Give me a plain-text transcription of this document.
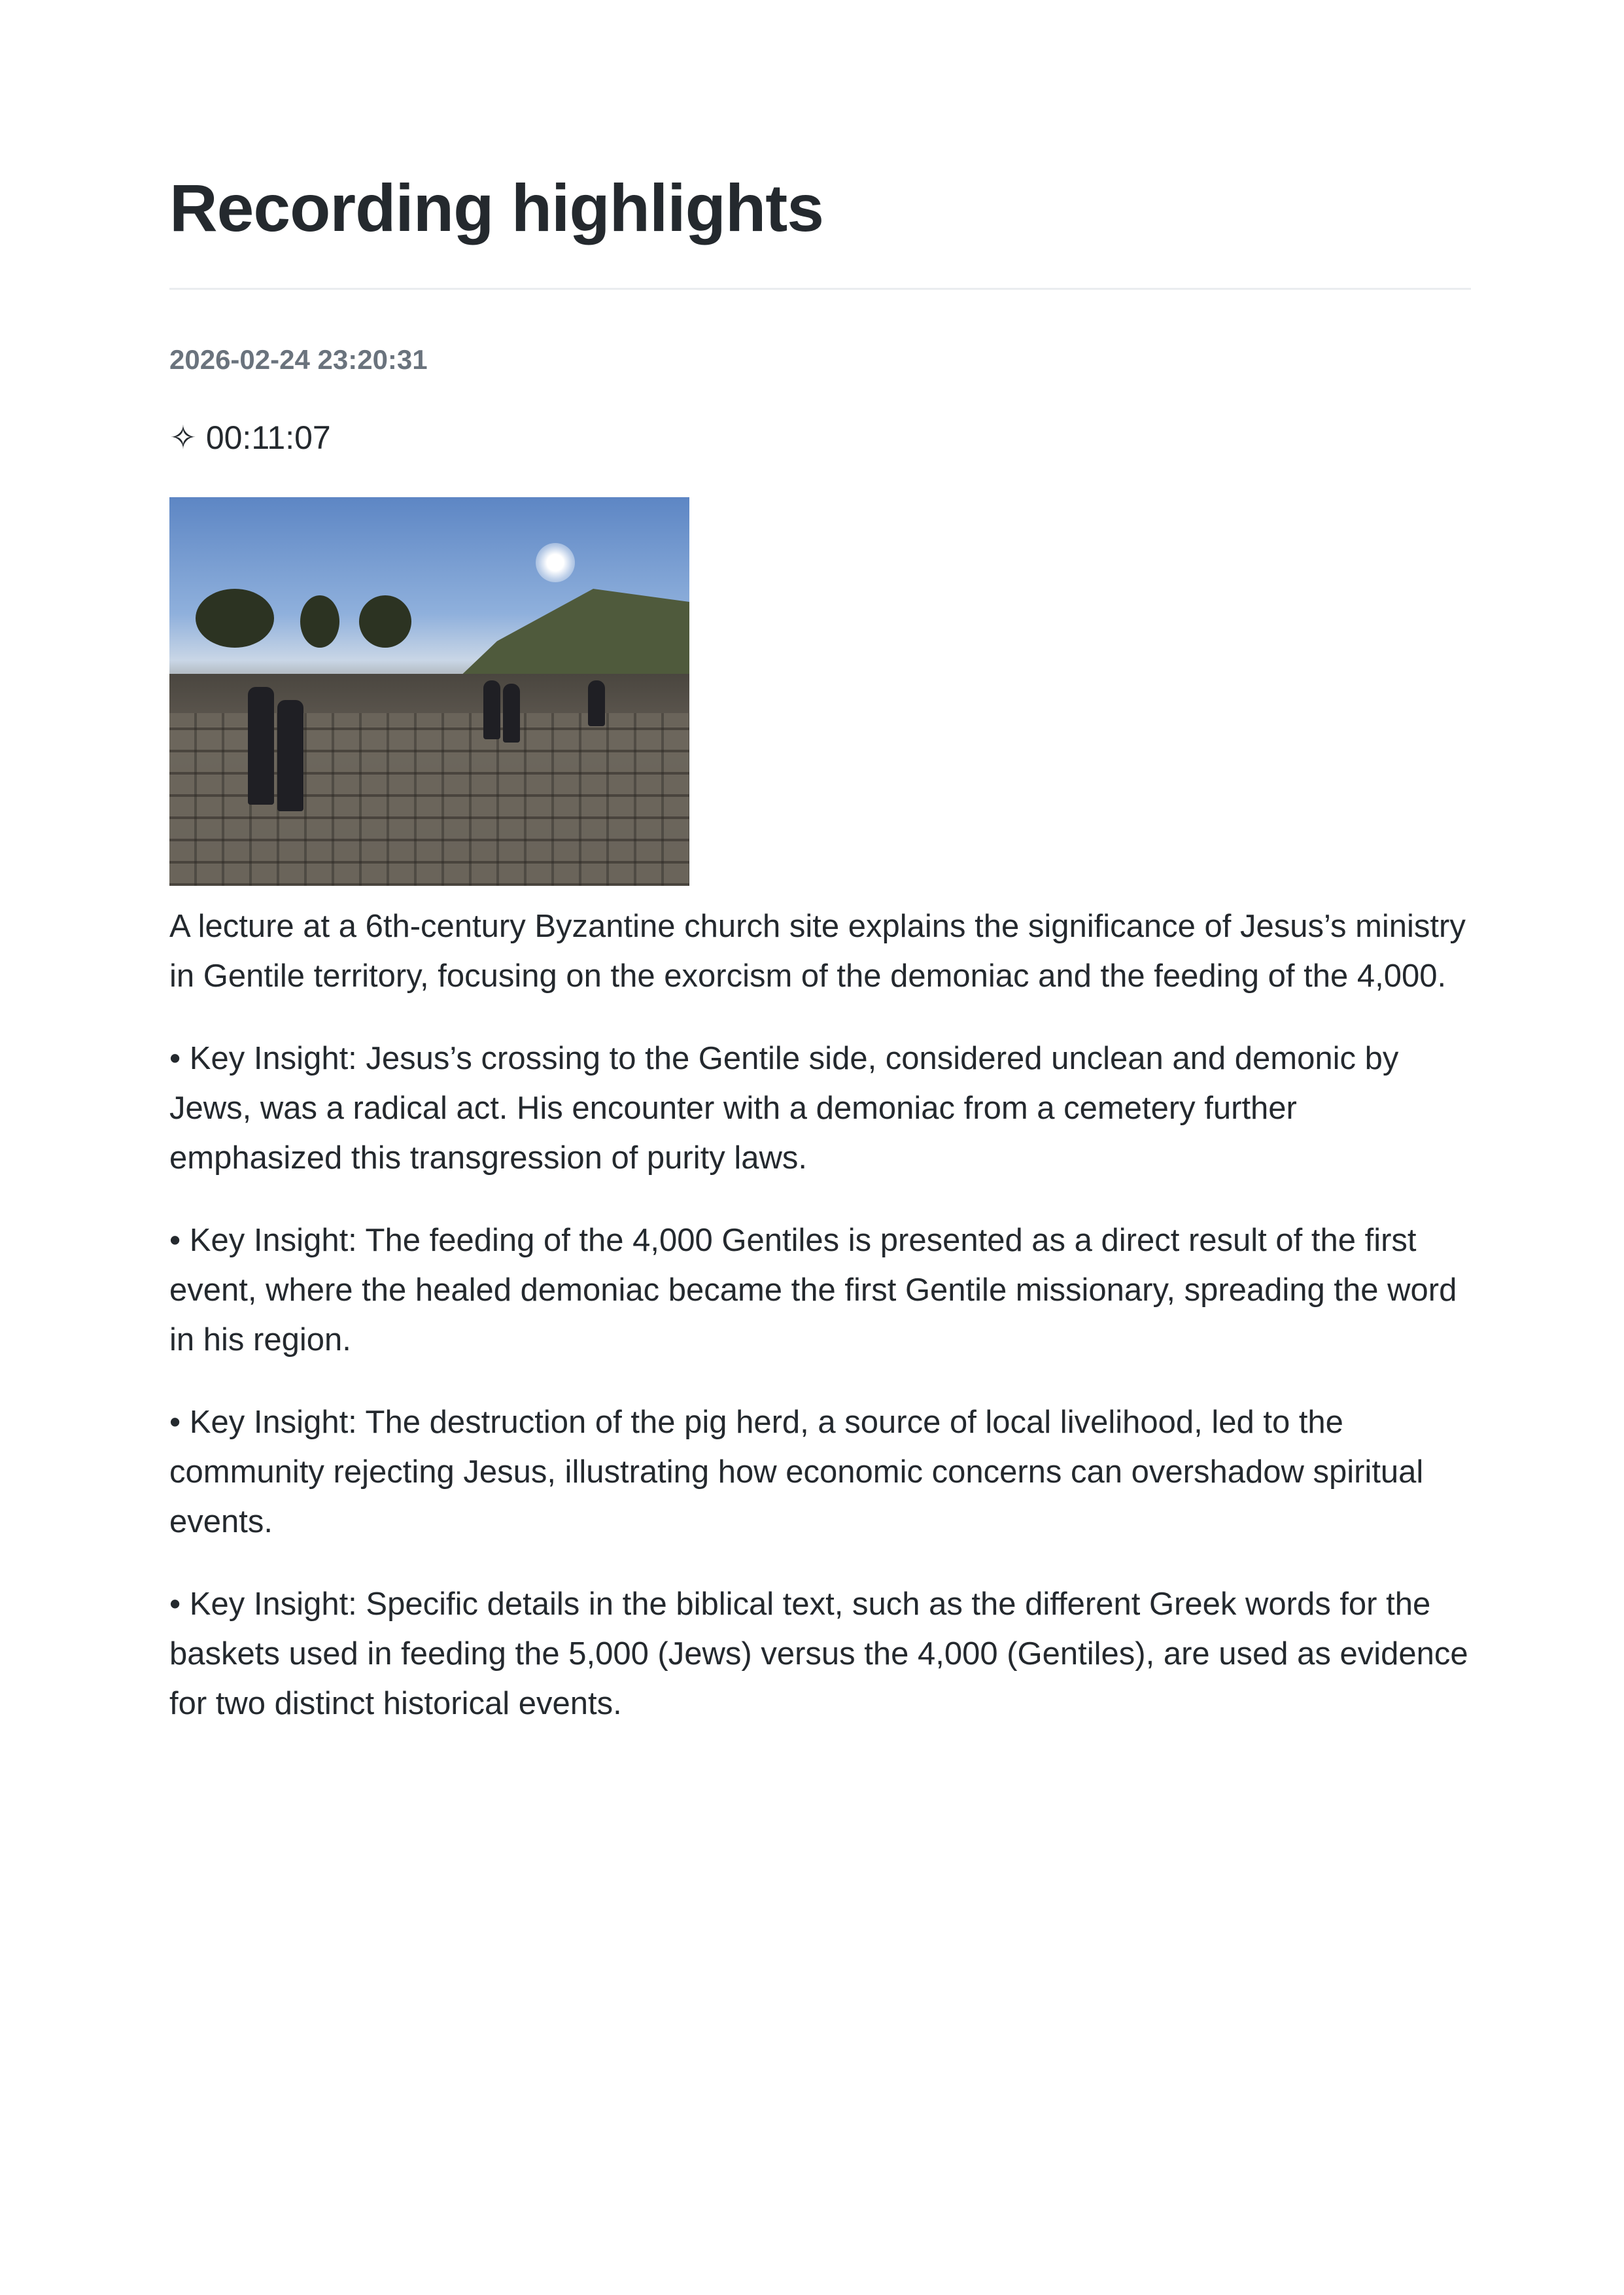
Recording highlights
2026-02-24 23:20:31
✧ 00:11:07

A lecture at a 6th-century Byzantine church site explains the significance of Jesus’s ministry in Gentile territory, focusing on the exorcism of the demoniac and the feeding of the 4,000.

• Key Insight: Jesus’s crossing to the Gentile side, considered unclean and demonic by Jews, was a radical act. His encounter with a demoniac from a cemetery further emphasized this transgression of purity laws.

• Key Insight: The feeding of the 4,000 Gentiles is presented as a direct result of the first event, where the healed demoniac became the first Gentile missionary, spreading the word in his region.

• Key Insight: The destruction of the pig herd, a source of local livelihood, led to the community rejecting Jesus, illustrating how economic concerns can overshadow spiritual events.

• Key Insight: Specific details in the biblical text, such as the different Greek words for the baskets used in feeding the 5,000 (Jews) versus the 4,000 (Gentiles), are used as evidence for two distinct historical events.
